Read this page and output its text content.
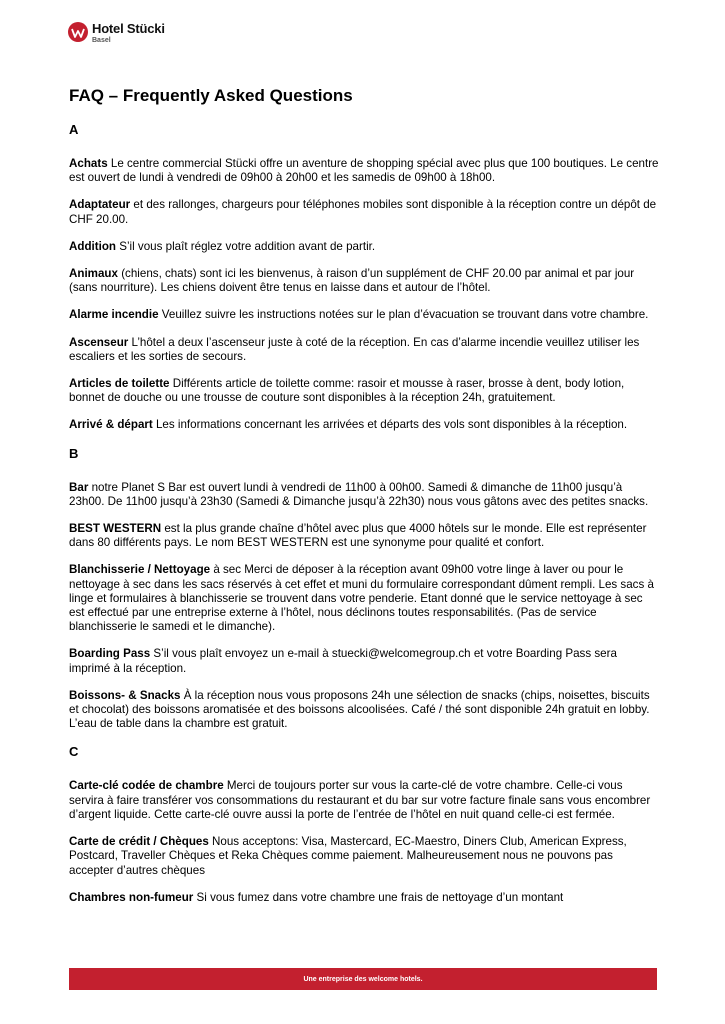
Hotel Stücki
Basel
FAQ – Frequently Asked Questions
A
Achats Le centre commercial Stücki offre un aventure de shopping spécial avec plus que 100 boutiques. Le centre est ouvert de lundi à vendredi de 09h00 à 20h00 et les samedis de 09h00 à 18h00.
Adaptateur et des rallonges, chargeurs pour téléphones mobiles sont disponible à la réception contre un dépôt de CHF 20.00.
Addition S’il vous plaît réglez votre addition avant de partir.
Animaux (chiens, chats) sont ici les bienvenus, à raison d’un supplément de CHF 20.00 par animal et par jour (sans nourriture). Les chiens doivent être tenus en laisse dans et autour de l’hôtel.
Alarme incendie Veuillez suivre les instructions notées sur le plan d’évacuation se trouvant dans votre chambre.
Ascenseur L’hôtel a deux l’ascenseur juste à coté de la réception. En cas d’alarme incendie veuillez utiliser les escaliers et les sorties de secours.
Articles de toilette Différents article de toilette comme: rasoir et mousse à raser, brosse à dent, body lotion, bonnet de douche ou une trousse de couture sont disponibles à la réception 24h, gratuitement.
Arrivé & départ Les informations concernant les arrivées et départs des vols sont disponibles à la réception.
B
Bar notre Planet S Bar est ouvert lundi à vendredi de 11h00 à 00h00. Samedi & dimanche de 11h00 jusqu’à 23h00. De 11h00 jusqu’à 23h30 (Samedi & Dimanche jusqu’à 22h30) nous vous gâtons avec des petites snacks.
BEST WESTERN est la plus grande chaîne d’hôtel avec plus que 4000 hôtels sur le monde. Elle est représenter dans 80 différents pays. Le nom BEST WESTERN est une synonyme pour qualité et confort.
Blanchisserie / Nettoyage à sec Merci de déposer à la réception avant 09h00 votre linge à laver ou pour le nettoyage à sec dans les sacs réservés à cet effet et muni du formulaire correspondant dûment rempli. Les sacs à linge et formulaires à blanchisserie se trouvent dans votre penderie. Etant donné que le service nettoyage à sec est effectué par une entreprise externe à l’hôtel, nous déclinons toutes responsabilités. (Pas de service blanchisserie le samedi et le dimanche).
Boarding Pass S’il vous plaît envoyez un e-mail à stuecki@welcomegroup.ch et votre Boarding Pass sera imprimé à la réception.
Boissons- & Snacks À la réception nous vous proposons 24h une sélection de snacks (chips, noisettes, biscuits et chocolat) des boissons aromatisée et des boissons alcoolisées. Café / thé sont disponible 24h gratuit en lobby. L’eau de table dans la chambre est gratuit.
C
Carte-clé codée de chambre Merci de toujours porter sur vous la carte-clé de votre chambre. Celle-ci vous servira à faire transférer vos consommations du restaurant et du bar sur votre facture finale sans vous encombrer d’argent liquide. Cette carte-clé ouvre aussi la porte de l’entrée de l’hôtel en nuit quand celle-ci est fermée.
Carte de crédit / Chèques Nous acceptons: Visa, Mastercard, EC-Maestro, Diners Club, American Express, Postcard, Traveller Chèques et Reka Chèques comme paiement. Malheureusement nous ne pouvons pas accepter d’autres chèques
Chambres non-fumeur Si vous fumez dans votre chambre une frais de nettoyage d’un montant
Une entreprise des welcome hotels.
